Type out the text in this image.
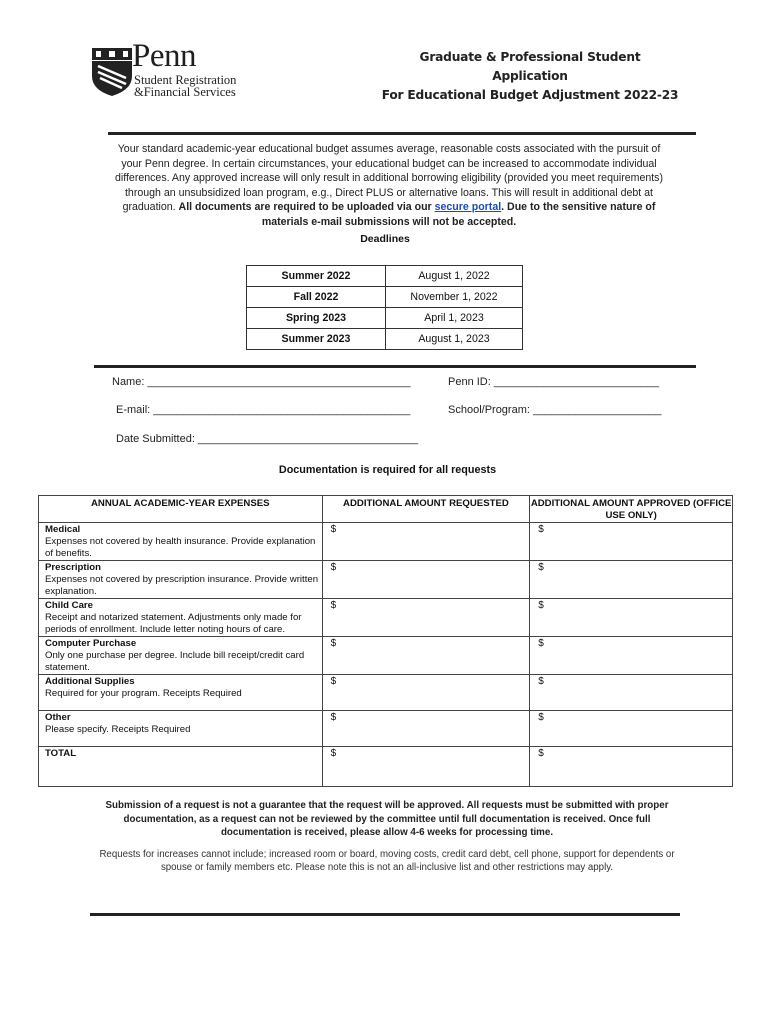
Penn
Student Registration
&Financial Services
Graduate & Professional Student Application
For Educational Budget Adjustment 2022-23
Your standard academic-year educational budget assumes average, reasonable costs associated with the pursuit of your Penn degree. In certain circumstances, your educational budget can be increased to accommodate individual differences. Any approved increase will only result in additional borrowing eligibility (provided you meet requirements) through an unsubsidized loan program, e.g., Direct PLUS or alternative loans. This will result in additional debt at graduation. All documents are required to be uploaded via our secure portal. Due to the sensitive nature of materials e-mail submissions will not be accepted.
Deadlines
Summer 2022	August 1, 2022
Fall 2022	November 1, 2022
Spring 2023	April 1, 2023
Summer 2023	August 1, 2023
Name: ___________________________________________	Penn ID: ___________________________
E-mail: __________________________________________	School/Program: _____________________
Date Submitted: ____________________________________
Documentation is required for all requests
ANNUAL ACADEMIC-YEAR EXPENSES	ADDITIONAL AMOUNT REQUESTED	ADDITIONAL AMOUNT APPROVED (OFFICE USE ONLY)

Medical
Expenses not covered by health insurance. Provide explanation of benefits.	$	$

Prescription
Expenses not covered by prescription insurance. Provide written explanation.	$	$

Child Care
Receipt and notarized statement. Adjustments only made for periods of enrollment. Include letter noting hours of care.	$	$

Computer Purchase
Only one purchase per degree. Include bill receipt/credit card statement.	$	$

Additional Supplies
Required for your program. Receipts Required	$	$

Other
Please specify. Receipts Required	$	$

TOTAL	$	$
Submission of a request is not a guarantee that the request will be approved. All requests must be submitted with proper documentation, as a request can not be reviewed by the committee until full documentation is received. Once full documentation is received, please allow 4-6 weeks for processing time.
Requests for increases cannot include; increased room or board, moving costs, credit card debt, cell phone, support for dependents or spouse or family members etc. Please note this is not an all-inclusive list and other restrictions may apply.
